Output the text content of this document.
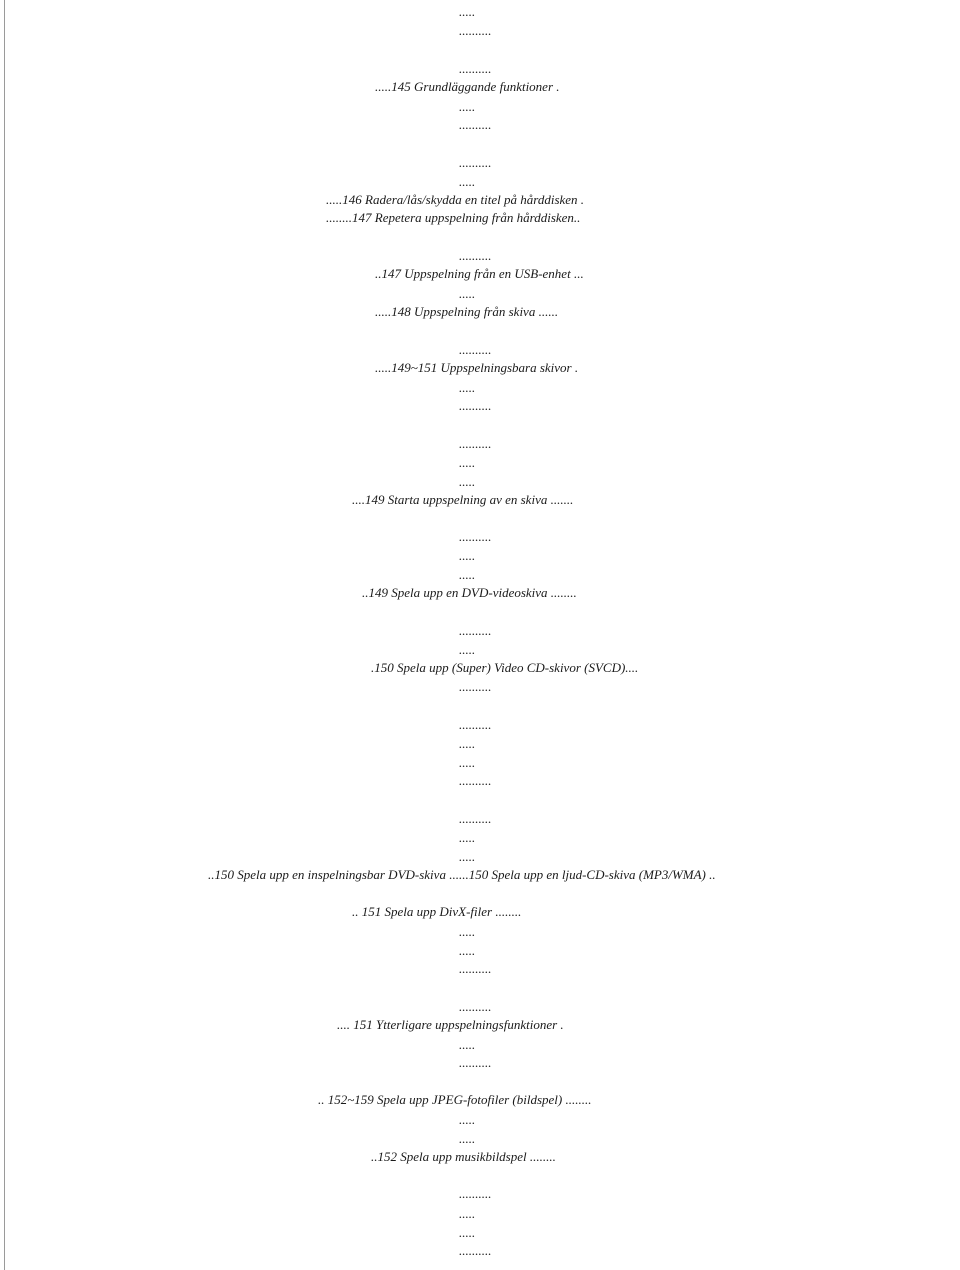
.....
..........
..........
.....145 Grundläggande funktioner .
.....
..........
..........
.....
.....146 Radera/lås/skydda en titel på hårddisken .
........147 Repetera uppspelning från hårddisken..
..........
..147 Uppspelning från en USB-enhet ...
.....
.....148 Uppspelning från skiva ......
..........
.....149~151 Uppspelningsbara skivor .
.....
..........
..........
.....
.....
....149 Starta uppspelning av en skiva .......
..........
.....
.....
..149 Spela upp en DVD-videoskiva ........
..........
.....
.150 Spela upp (Super) Video CD-skivor (SVCD)....
..........
..........
.....
.....
..........
..........
.....
.....
..150 Spela upp en inspelningsbar DVD-skiva ......150 Spela upp en ljud-CD-skiva (MP3/WMA) ..
.. 151 Spela upp DivX-filer ........
.....
.....
..........
..........
.... 151 Ytterligare uppspelningsfunktioner .
.....
..........
.. 152~159 Spela upp JPEG-fotofiler (bildspel) ........
.....
.....
..152 Spela upp musikbildspel ........
..........
.....
.....
..........
